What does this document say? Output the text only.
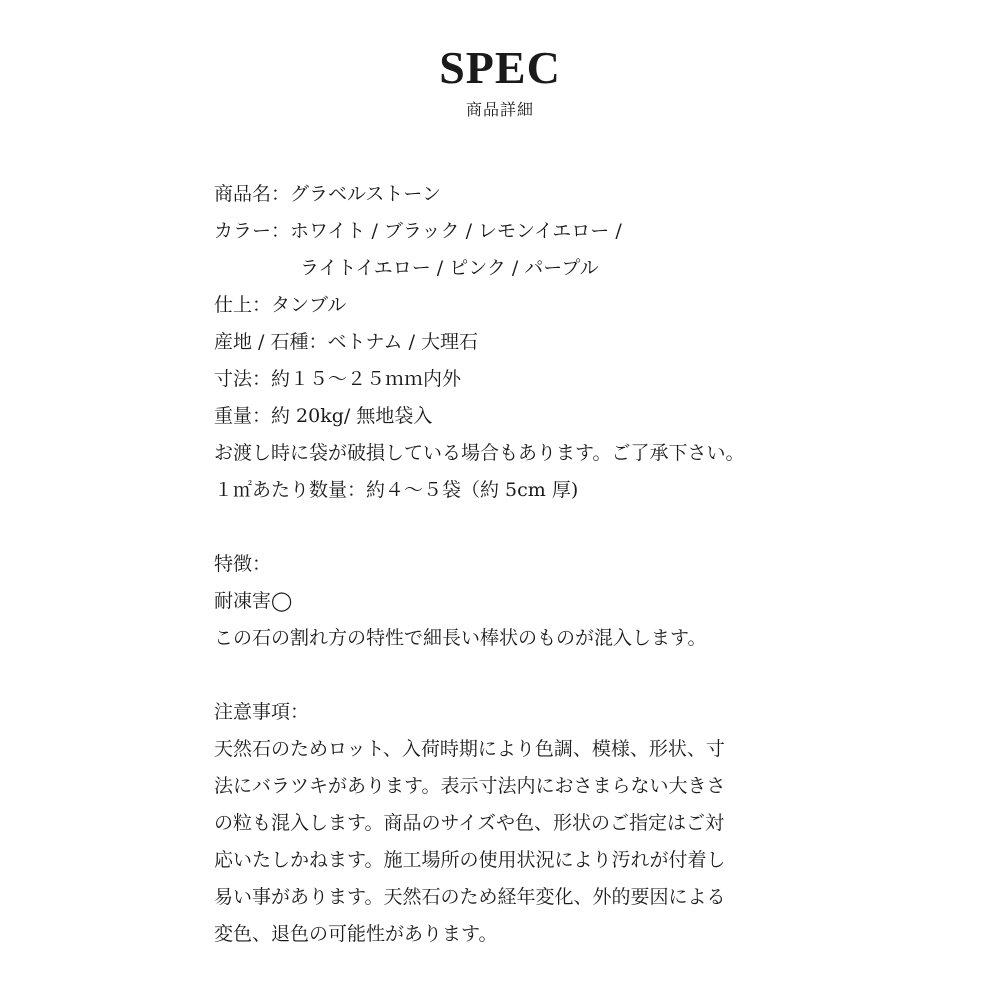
SPEC
商品詳細
商品名：グラベルストーン
カラー：ホワイト / ブラック / レモンイエロー /
ライトイエロー / ピンク / パープル
仕上：タンブル
産地 / 石種：ベトナム / 大理石
寸法：約１５～２５ｍｍ内外
重量：約 20kg/ 無地袋入
お渡し時に袋が破損している場合もあります。ご了承下さい。
１㎡あたり数量：約４～５袋（約 5cm 厚)
特徴：
耐凍害◯
この石の割れ方の特性で細長い棒状のものが混入します。
注意事項：
天然石のためロット、入荷時期により色調、模様、形状、寸
法にバラツキがあります。表示寸法内におさまらない大きさ
の粒も混入します。商品のサイズや色、形状のご指定はご対
応いたしかねます。施工場所の使用状況により汚れが付着し
易い事があります。天然石のため経年変化、外的要因による
変色、退色の可能性があります。
